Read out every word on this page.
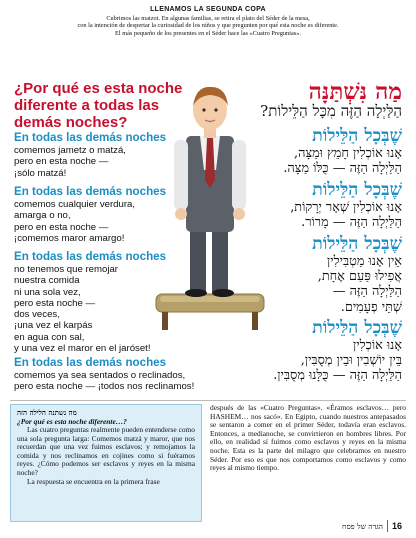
LLENAMOS LA SEGUNDA COPA
Cubrimos las matzot. En algunas familias, se retira el plato del Séder de la mesa,
con la intención de despertar la curiosidad de los niños y que pregunten por qué esta noche es diferente.
El más pequeño de los presentes en el Séder hace las «Cuatro Preguntas».
¿Por qué es esta noche
diferente a todas las
demás noches?
En todas las demás noches
comemos jametz o matzá,
pero en esta noche —
¡sólo matzá!
En todas las demás noches
comemos cualquier verdura,
amarga o no,
pero en esta noche —
¡comemos maror amargo!
En todas las demás noches
no tenemos que remojar
nuestra comida
ni una sola vez,
pero esta noche —
dos veces,
¡una vez el karpás
en agua con sal,
y una vez el maror en el jaróset!
En todas las demás noches
comemos ya sea sentados o reclinados,
pero esta noche — ¡todos nos reclinamos!
מַה נִּשְׁתַּנָּה
הַלַּיְלָה הַזֶּה מִכָּל הַלֵּילוֹת?
שֶׁבְּכָל הַלֵּילוֹת
אָנוּ אוֹכְלִין חָמֵץ וּמַצָּה,
הַלַּיְלָה הַזֶּה — כֻּלּוֹ מַצָּה.
שֶׁבְּכָל הַלֵּילוֹת
אָנוּ אוֹכְלִין שְׁאָר יְרָקוֹת,
הַלַּיְלָה הַזֶּה — מָרוֹר.
שֶׁבְּכָל הַלֵּילוֹת
אֵין אָנוּ מַטְבִּילִין
אֲפִילוּ פַּעַם אֶחָת,
הַלַּיְלָה הַזֶּה —
שְׁתֵּי פְעָמִים.
שֶׁבְּכָל הַלֵּילוֹת
אָנוּ אוֹכְלִין
בֵּין יוֹשְׁבִין וּבֵין מְסֻבִּין,
הַלַּיְלָה הַזֶּה — כֻּלָּנוּ מְסֻבִּין.
מה נשתנה הלילה הזה
¿Por qué es esta noche diferente…?
Las cuatro preguntas realmente pueden entenderse como una sola pregunta larga: Comemos matzá y maror, que nos recuerdan que una vez fuimos esclavos; y remojamos la comida y nos reclinamos en cojines como si fuéramos reyes. ¿Cómo podemos ser esclavos y reyes en la misma noche?
La respuesta se encuentra en la primera frase
después de las «Cuatro Preguntas». «Éramos esclavos… pero HASHEM… nos sacó». En Egipto, cuando nuestros antepasados se sentaron a comer en el primer Séder, todavía eran esclavos. Entonces, a medianoche, se convirtieron en hombres libres. Por ello, en realidad sí fuimos como esclavos y reyes en la misma noche. Esta es la parte del milagro que celebramos en nuestro Séder. Por eso es que nos comportamos como esclavos y como reyes al mismo tiempo.
הגדה של פסח 16
